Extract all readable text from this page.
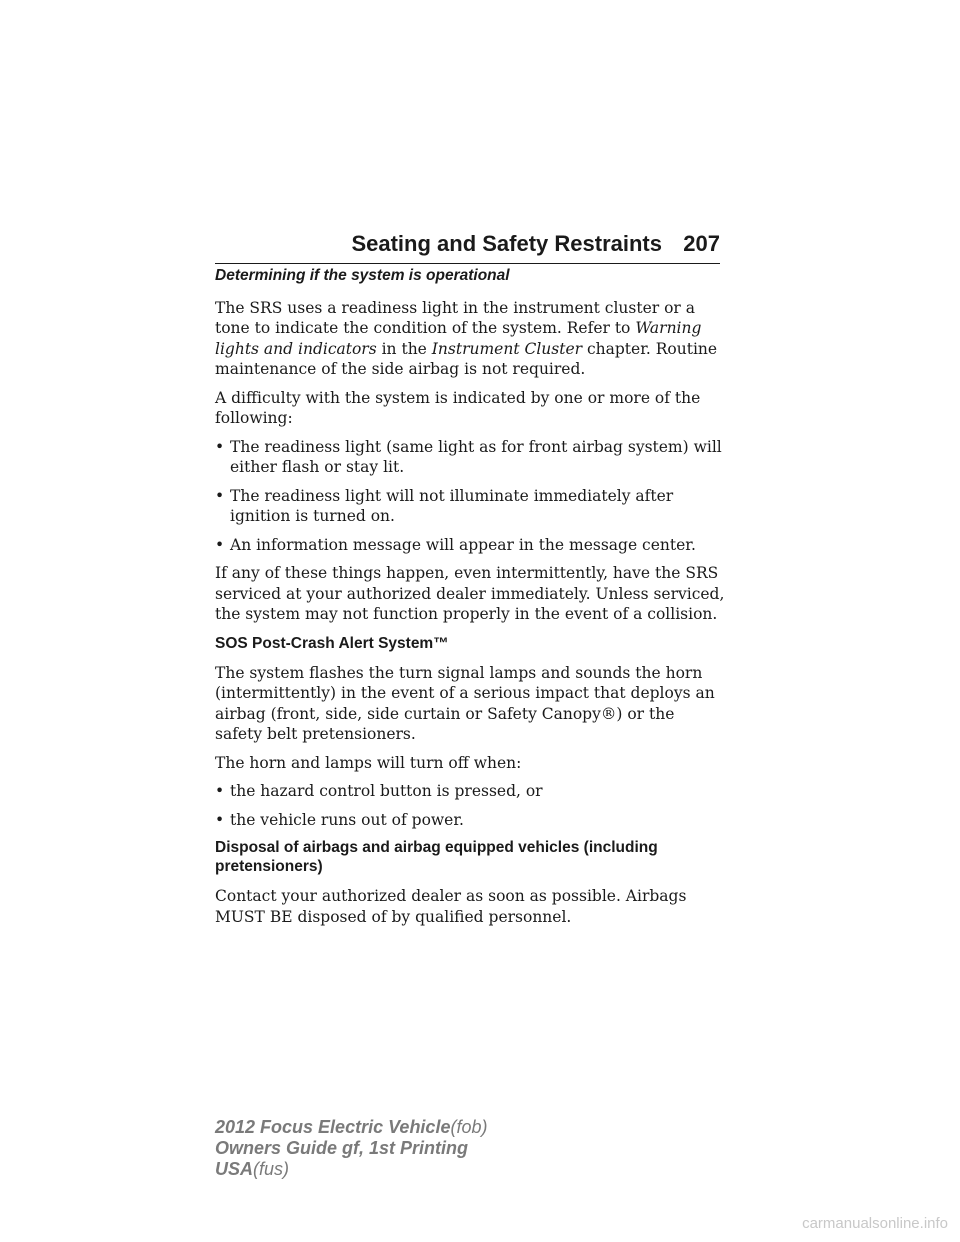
Seating and Safety Restraints 207
Determining if the system is operational

The SRS uses a readiness light in the instrument cluster or a tone to indicate the condition of the system. Refer to Warning lights and indicators in the Instrument Cluster chapter. Routine maintenance of the side airbag is not required.

A difficulty with the system is indicated by one or more of the following:

• The readiness light (same light as for front airbag system) will either flash or stay lit.
• The readiness light will not illuminate immediately after ignition is turned on.
• An information message will appear in the message center.

If any of these things happen, even intermittently, have the SRS serviced at your authorized dealer immediately. Unless serviced, the system may not function properly in the event of a collision.

SOS Post-Crash Alert System™

The system flashes the turn signal lamps and sounds the horn (intermittently) in the event of a serious impact that deploys an airbag (front, side, side curtain or Safety Canopy®) or the safety belt pretensioners.

The horn and lamps will turn off when:

• the hazard control button is pressed, or
• the vehicle runs out of power.
Disposal of airbags and airbag equipped vehicles (including pretensioners)

Contact your authorized dealer as soon as possible. Airbags MUST BE disposed of by qualified personnel.

2012 Focus Electric Vehicle(fob)
Owners Guide gf, 1st Printing
USA(fus)
carmanualsonline.info
